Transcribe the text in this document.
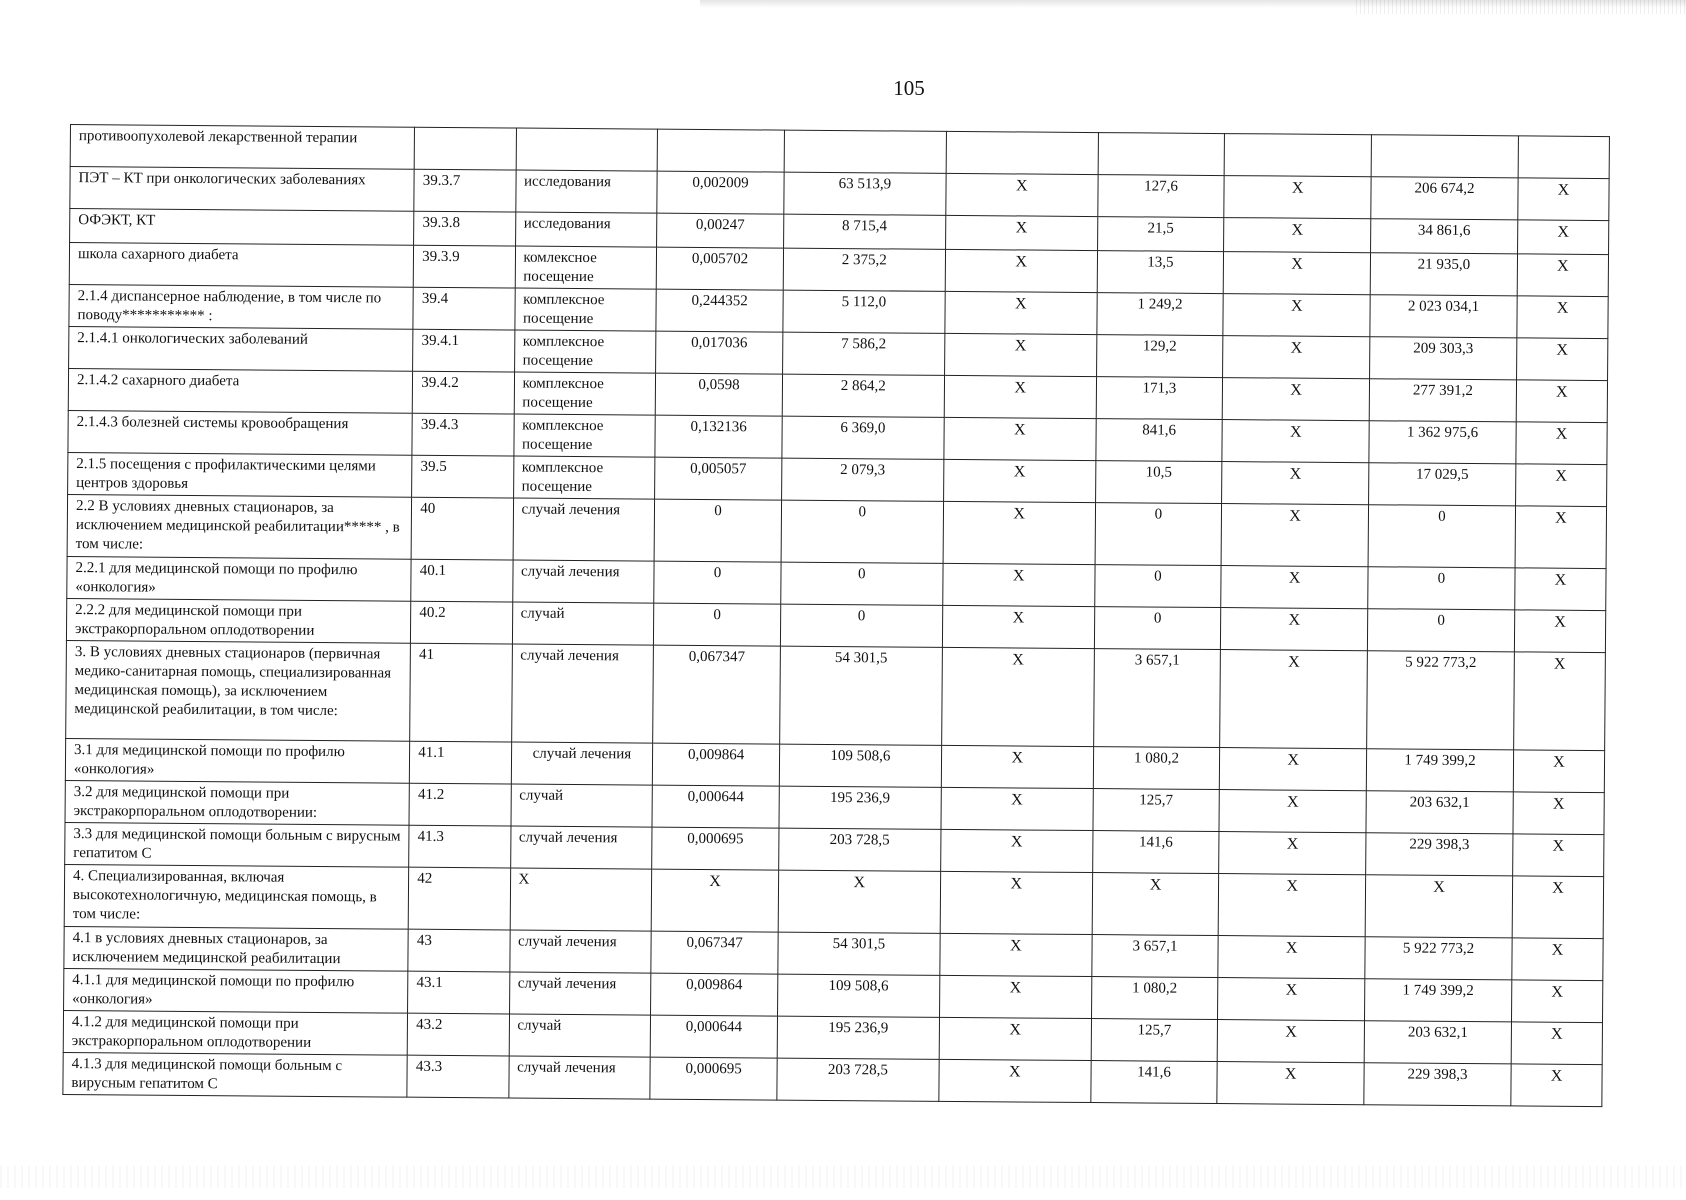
105
противоопухолевой лекарственной терапии									
ПЭТ – КТ при онкологических заболеваниях	39.3.7	исследования	0,002009	63 513,9	X	127,6	X	206 674,2	X
ОФЭКТ, КТ	39.3.8	исследования	0,00247	8 715,4	X	21,5	X	34 861,6	X
школа сахарного диабета	39.3.9	комлексное посещение	0,005702	2 375,2	X	13,5	X	21 935,0	X
2.1.4 диспансерное наблюдение, в том числе по поводу*********** :	39.4	комплексное посещение	0,244352	5 112,0	X	1 249,2	X	2 023 034,1	X
2.1.4.1 онкологических заболеваний	39.4.1	комплексное посещение	0,017036	7 586,2	X	129,2	X	209 303,3	X
2.1.4.2 сахарного диабета	39.4.2	комплексное посещение	0,0598	2 864,2	X	171,3	X	277 391,2	X
2.1.4.3 болезней системы кровообращения	39.4.3	комплексное посещение	0,132136	6 369,0	X	841,6	X	1 362 975,6	X
2.1.5 посещения с профилактическими целями центров здоровья	39.5	комплексное посещение	0,005057	2 079,3	X	10,5	X	17 029,5	X
2.2 В условиях дневных стационаров, за исключением медицинской реабилитации***** , в том числе:	40	случай лечения	0	0	X	0	X	0	X
2.2.1 для медицинской помощи по профилю «онкология»	40.1	случай лечения	0	0	X	0	X	0	X
2.2.2 для медицинской помощи при экстракорпоральном оплодотворении	40.2	случай	0	0	X	0	X	0	X
3. В условиях дневных стационаров (первичная медико-санитарная помощь, специализированная медицинская помощь), за исключением медицинской реабилитации, в том числе:	41	случай лечения	0,067347	54 301,5	X	3 657,1	X	5 922 773,2	X
3.1 для медицинской помощи по профилю «онкология»	41.1	случай лечения	0,009864	109 508,6	X	1 080,2	X	1 749 399,2	X
3.2 для медицинской помощи при экстракорпоральном оплодотворении:	41.2	случай	0,000644	195 236,9	X	125,7	X	203 632,1	X
3.3 для медицинской помощи больным с вирусным гепатитом С	41.3	случай лечения	0,000695	203 728,5	X	141,6	X	229 398,3	X
4. Специализированная, включая высокотехнологичную, медицинская помощь, в том числе:	42	X	X	X	X	X	X	X	X
4.1 в условиях дневных стационаров, за исключением медицинской реабилитации	43	случай лечения	0,067347	54 301,5	X	3 657,1	X	5 922 773,2	X
4.1.1 для медицинской помощи по профилю «онкология»	43.1	случай лечения	0,009864	109 508,6	X	1 080,2	X	1 749 399,2	X
4.1.2 для медицинской помощи при экстракорпоральном оплодотворении	43.2	случай	0,000644	195 236,9	X	125,7	X	203 632,1	X
4.1.3 для медицинской помощи больным с вирусным гепатитом С	43.3	случай лечения	0,000695	203 728,5	X	141,6	X	229 398,3	X
